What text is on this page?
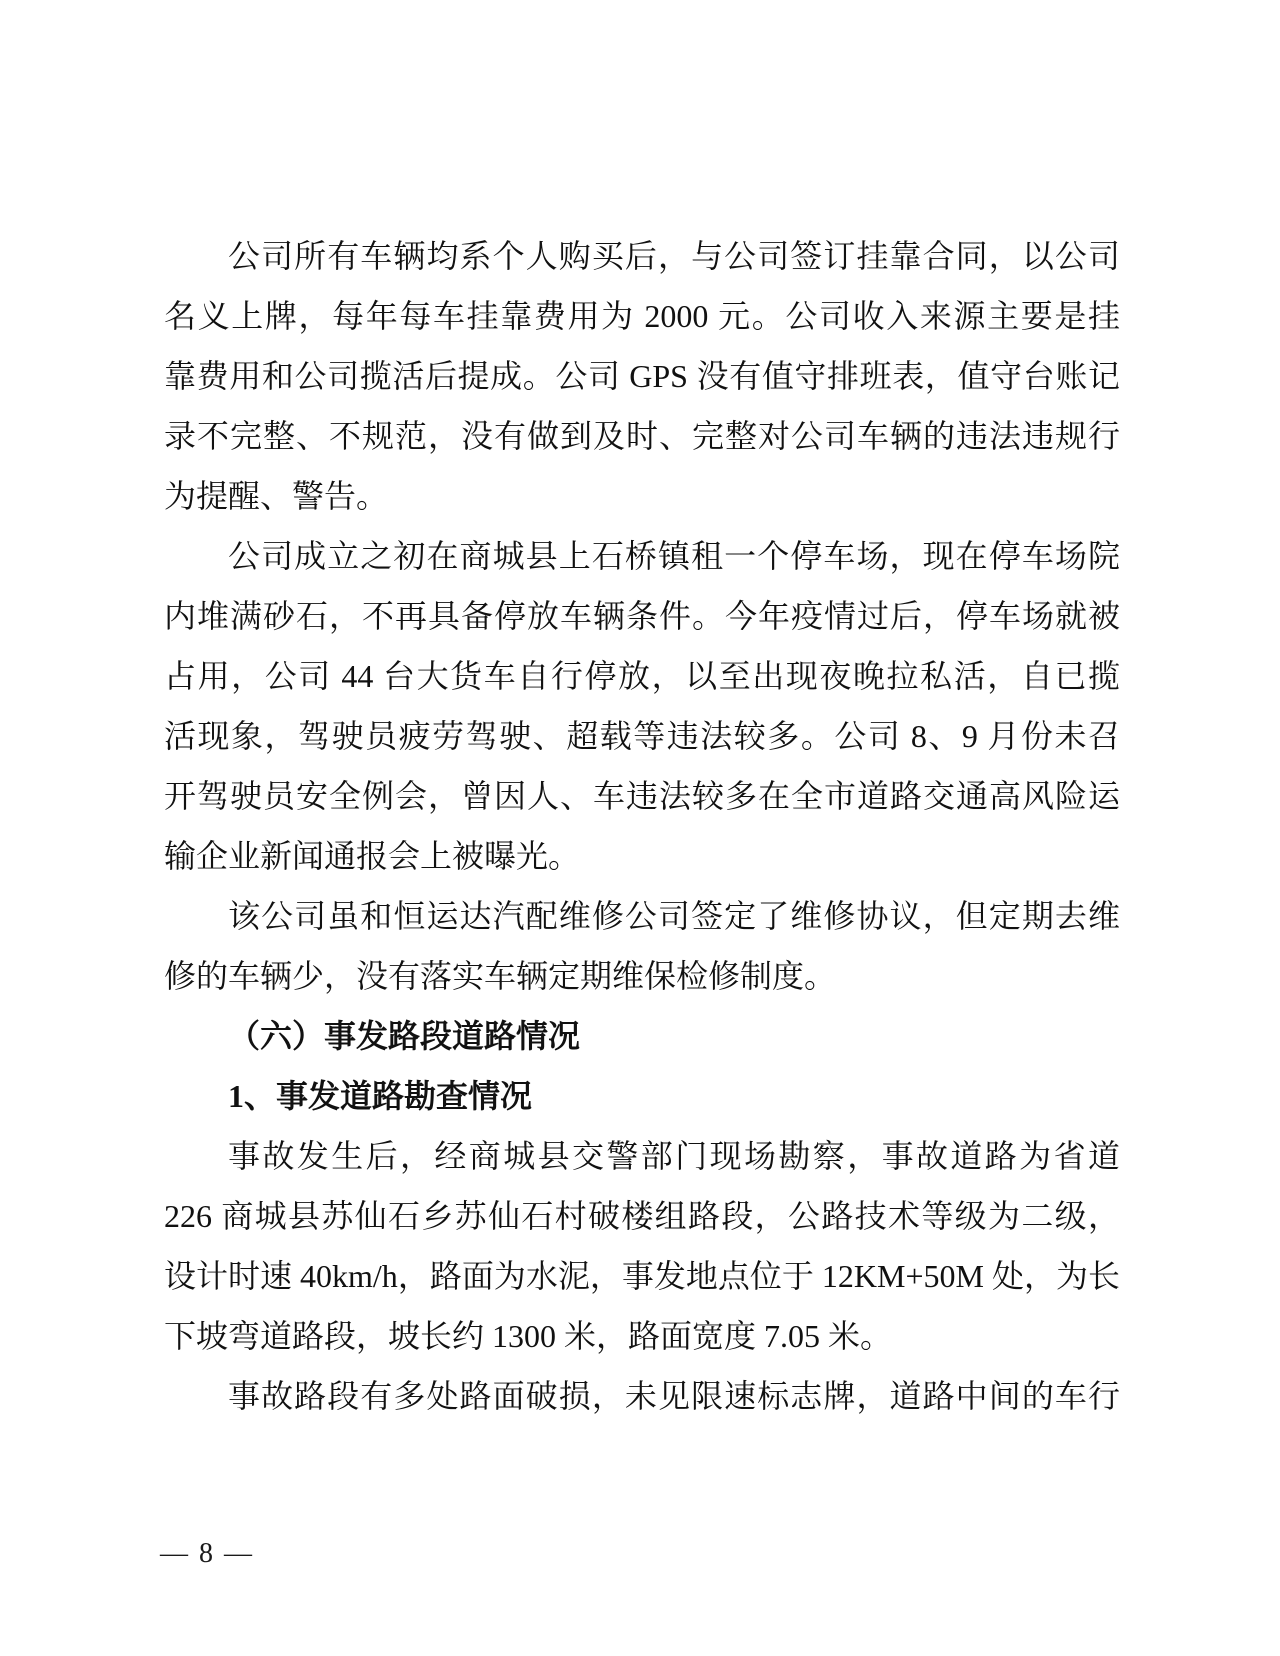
公司所有车辆均系个人购买后，与公司签订挂靠合同，以公司
名义上牌，每年每车挂靠费用为 2000 元。公司收入来源主要是挂
靠费用和公司揽活后提成。公司 GPS 没有值守排班表，值守台账记
录不完整、不规范，没有做到及时、完整对公司车辆的违法违规行
为提醒、警告。
公司成立之初在商城县上石桥镇租一个停车场，现在停车场院
内堆满砂石，不再具备停放车辆条件。今年疫情过后，停车场就被
占用，公司 44 台大货车自行停放，以至出现夜晚拉私活，自已揽
活现象，驾驶员疲劳驾驶、超载等违法较多。公司 8、9 月份未召
开驾驶员安全例会，曾因人、车违法较多在全市道路交通高风险运
输企业新闻通报会上被曝光。
该公司虽和恒运达汽配维修公司签定了维修协议，但定期去维
修的车辆少，没有落实车辆定期维保检修制度。
（六）事发路段道路情况
1、事发道路勘查情况
事故发生后，经商城县交警部门现场勘察，事故道路为省道
226 商城县苏仙石乡苏仙石村破楼组路段，公路技术等级为二级，
设计时速 40km/h，路面为水泥，事发地点位于 12KM+50M 处，为长
下坡弯道路段，坡长约 1300 米，路面宽度 7.05 米。
事故路段有多处路面破损，未见限速标志牌，道路中间的车行
— 8 —
